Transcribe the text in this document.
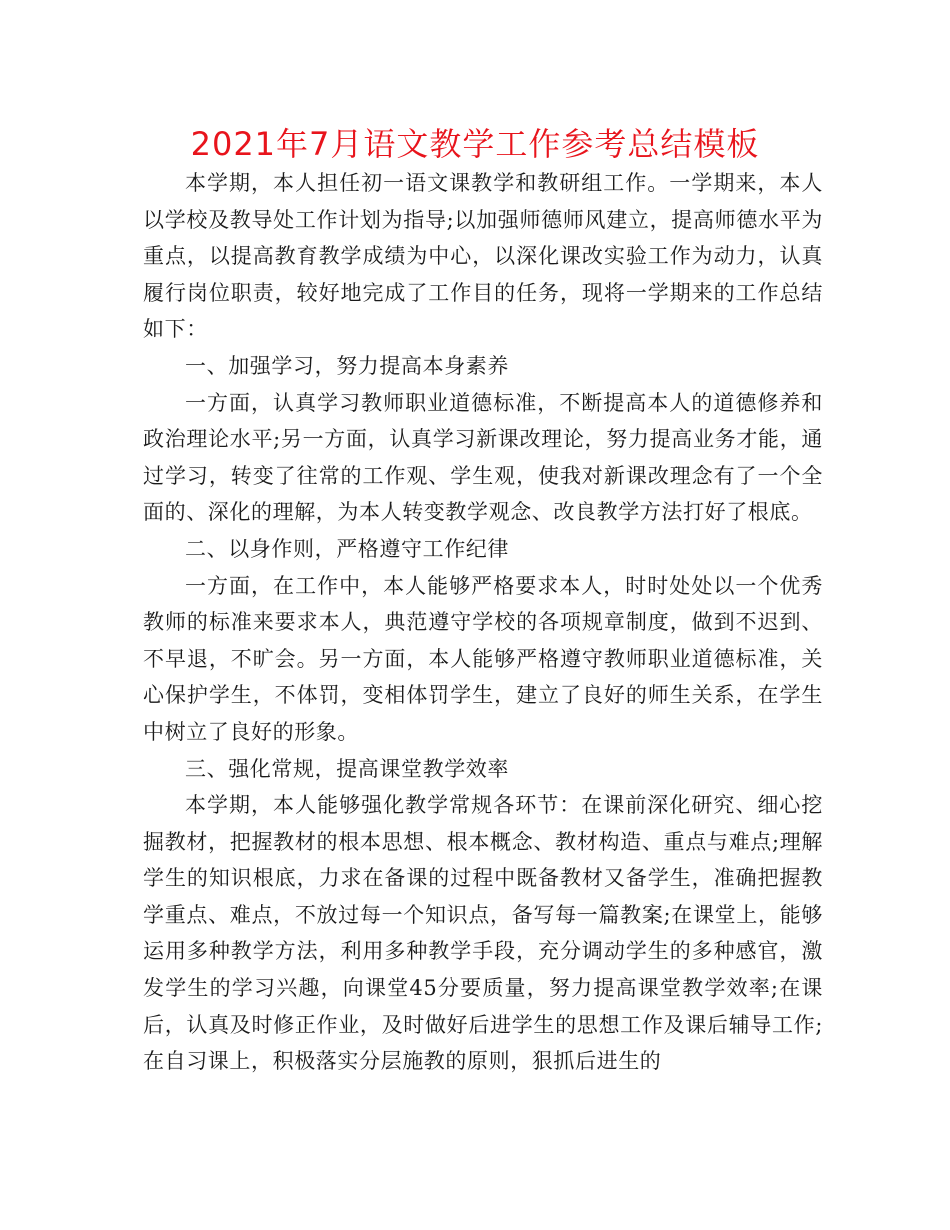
2021年7月语文教学工作参考总结模板

本学期，本人担任初一语文课教学和教研组工作。一学期来，本人以学校及教导处工作计划为指导;以加强师德师风建立，提高师德水平为重点，以提高教育教学成绩为中心，以深化课改实验工作为动力，认真履行岗位职责，较好地完成了工作目的任务，现将一学期来的工作总结如下：

一、加强学习，努力提高本身素养

一方面，认真学习教师职业道德标准，不断提高本人的道德修养和政治理论水平;另一方面，认真学习新课改理论，努力提高业务才能，通过学习，转变了往常的工作观、学生观，使我对新课改理念有了一个全面的、深化的理解，为本人转变教学观念、改良教学方法打好了根底。

二、以身作则，严格遵守工作纪律

一方面，在工作中，本人能够严格要求本人，时时处处以一个优秀教师的标准来要求本人，典范遵守学校的各项规章制度，做到不迟到、不早退，不旷会。另一方面，本人能够严格遵守教师职业道德标准，关心保护学生，不体罚，变相体罚学生，建立了良好的师生关系，在学生中树立了良好的形象。

三、强化常规，提高课堂教学效率

本学期，本人能够强化教学常规各环节：在课前深化研究、细心挖掘教材，把握教材的根本思想、根本概念、教材构造、重点与难点;理解学生的知识根底，力求在备课的过程中既备教材又备学生，准确把握教学重点、难点，不放过每一个知识点，备写每一篇教案;在课堂上，能够运用多种教学方法，利用多种教学手段，充分调动学生的多种感官，激发学生的学习兴趣，向课堂45分要质量，努力提高课堂教学效率;在课后，认真及时修正作业，及时做好后进学生的思想工作及课后辅导工作;在自习课上，积极落实分层施教的原则，狠抓后进生的
